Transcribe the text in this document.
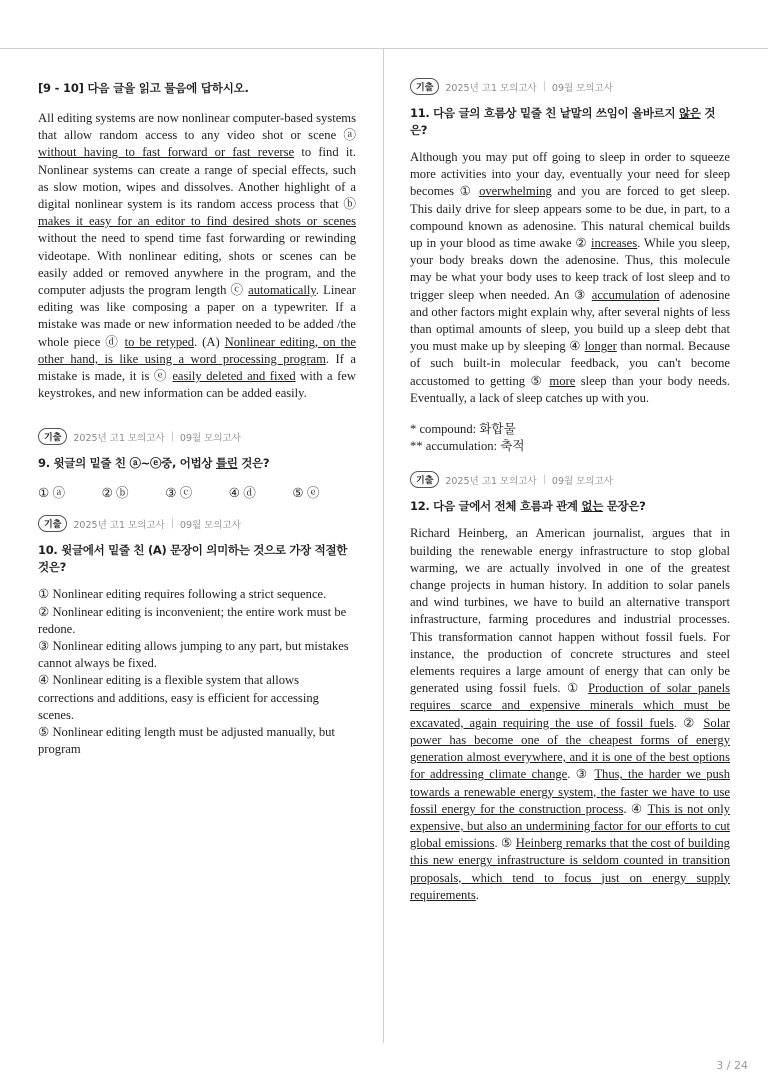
[9 - 10] 다음 글을 읽고 물음에 답하시오.

All editing systems are now nonlinear computer-based systems that allow random access to any video shot or scene ⓐ without having to fast forward or fast reverse to find it. Nonlinear systems can create a range of special effects, such as slow motion, wipes and dissolves. Another highlight of a digital nonlinear system is its random access process that ⓑ makes it easy for an editor to find desired shots or scenes without the need to spend time fast forwarding or rewinding videotape. With nonlinear editing, shots or scenes can be easily added or removed anywhere in the program, and the computer adjusts the program length ⓒ automatically. Linear editing was like composing a paper on a typewriter. If a mistake was made or new information needed to be added /the whole piece ⓓ to be retyped. (A) Nonlinear editing, on the other hand, is like using a word processing program. If a mistake is made, it is ⓔ easily deleted and fixed with a few keystrokes, and new information can be added easily.

기출	2025년 고1 모의고사 | 09월 모의고사
9. 윗글의 밑줄 친 ⓐ~ⓔ중, 어법상 틀린 것은?
① ⓐ	② ⓑ	③ ⓒ	④ ⓓ	⑤ ⓔ
기출	2025년 고1 모의고사 | 09월 모의고사
10. 윗글에서 밑줄 친 (A) 문장이 의미하는 것으로 가장 적절한 것은?
① Nonlinear editing requires following a strict sequence.
② Nonlinear editing is inconvenient; the entire work must be redone.
③ Nonlinear editing allows jumping to any part, but mistakes cannot always be fixed.
④ Nonlinear editing is a flexible system that allows corrections and additions, easy is efficient for accessing scenes.
⑤ Nonlinear editing length must be adjusted manually, but program
기출	2025년 고1 모의고사 | 09월 모의고사
11. 다음 글의 흐름상 밑줄 친 낱말의 쓰임이 올바르지 않은 것은?

Although you may put off going to sleep in order to squeeze more activities into your day, eventually your need for sleep becomes ① overwhelming and you are forced to get sleep. This daily drive for sleep appears some to be due, in part, to a compound known as adenosine. This natural chemical builds up in your blood as time awake ② increases. While you sleep, your body breaks down the adenosine. Thus, this molecule may be what your body uses to keep track of lost sleep and to trigger sleep when needed. An ③ accumulation of adenosine and other factors might explain why, after several nights of less than optimal amounts of sleep, you build up a sleep debt that you must make up by sleeping ④ longer than normal. Because of such built-in molecular feedback, you can't become accustomed to getting ⑤ more sleep than your body needs. Eventually, a lack of sleep catches up with you.

* compound: 화합물
** accumulation: 축적
기출	2025년 고1 모의고사 | 09월 모의고사
12. 다음 글에서 전체 흐름과 관계 없는 문장은?

Richard Heinberg, an American journalist, argues that in building the renewable energy infrastructure to stop global warming, we are actually involved in one of the greatest change projects in human history. In addition to solar panels and wind turbines, we have to build an alternative transport infrastructure, farming procedures and industrial processes. This transformation cannot happen without fossil fuels. For instance, the production of concrete structures and steel elements requires a large amount of energy that can only be generated using fossil fuels. ① Production of solar panels requires scarce and expensive minerals which must be excavated, again requiring the use of fossil fuels. ② Solar power has become one of the cheapest forms of energy generation almost everywhere, and it is one of the best options for addressing climate change. ③ Thus, the harder we push towards a renewable energy system, the faster we have to use fossil energy for the construction process. ④ This is not only expensive, but also an undermining factor for our efforts to cut global emissions. ⑤ Heinberg remarks that the cost of building this new energy infrastructure is seldom counted in transition proposals, which tend to focus just on energy supply requirements.

3 / 24
